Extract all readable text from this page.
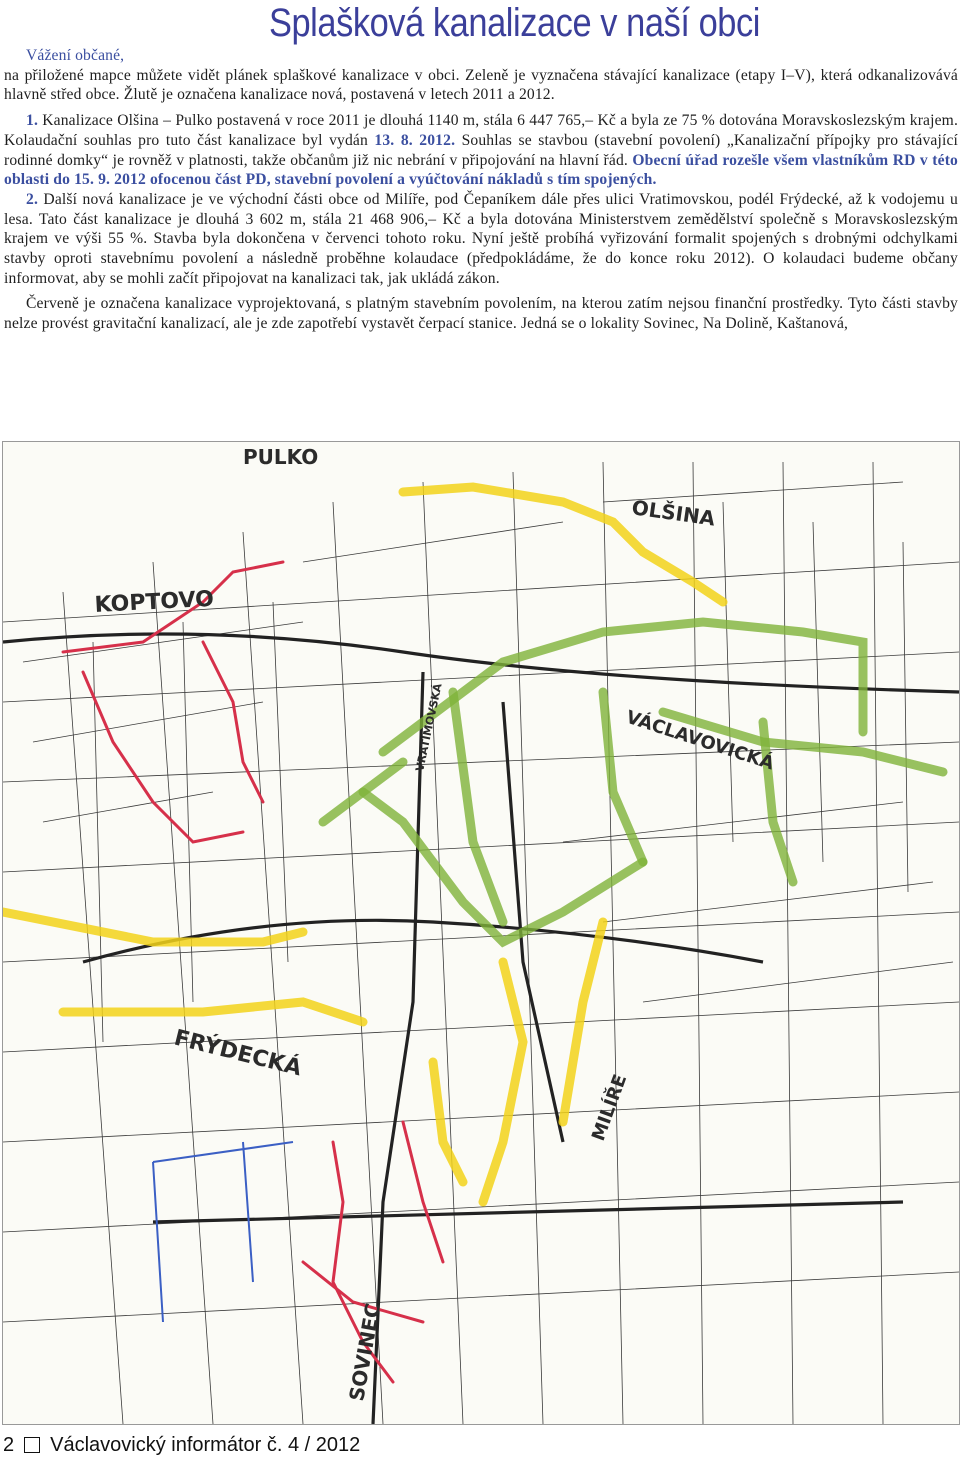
Splašková kanalizace v naší obci

Vážení občané,

na přiložené mapce můžete vidět plánek splaškové kanalizace v obci. Zeleně je vyznačena stávající kanalizace (etapy I–V), která odkanalizovává hlavně střed obce. Žlutě je označena kanalizace nová, postavená v letech 2011 a 2012.

1. Kanalizace Olšina – Pulko postavená v roce 2011 je dlouhá 1140 m, stála 6 447 765,– Kč a byla ze 75 % dotována Moravskoslezským krajem. Kolaudační souhlas pro tuto část kanalizace byl vydán 13. 8. 2012. Souhlas se stavbou (stavební povolení) „Kanalizační přípojky pro stávající rodinné domky“ je rovněž v platnosti, takže občanům již nic nebrání v připojování na hlavní řád. Obecní úřad rozešle všem vlastníkům RD v této oblasti do 15. 9. 2012 ofocenou část PD, stavební povolení a vyúčtování nákladů s tím spojených.

2. Další nová kanalizace je ve východní části obce od Milíře, pod Čepaníkem dále přes ulici Vratimovskou, podél Frýdecké, až k vodojemu u lesa. Tato část kanalizace je dlouhá 3 602 m, stála 21 468 906,– Kč a byla dotována Ministerstvem zemědělství společně s Moravskoslezským krajem ve výši 55 %. Stavba byla dokončena v červenci tohoto roku. Nyní ještě probíhá vyřizování formalit spojených s drobnými odchylkami stavby oproti stavebnímu povolení a následně proběhne kolaudace (předpokládáme, že do konce roku 2012). O kolaudaci budeme občany informovat, aby se mohli začít připojovat na kanalizaci tak, jak ukládá zákon.

Červeně je označena kanalizace vyprojektovaná, s platným stavebním povolením, na kterou zatím nejsou finanční prostředky. Tyto části stavby nelze provést gravitační kanalizací, ale je zde zapotřebí vystavět čerpací stanice. Jedná se o lokality Sovinec, Na Dolině, Kaštanová,

PULKO
OLŠINA
KOPTOVO
VÁCLAVOVICKÁ
VRATIMOVSKÁ
FRÝDECKÁ
MILÍŘE
SOVINEC
2 Václavovický informátor č. 4 / 2012
